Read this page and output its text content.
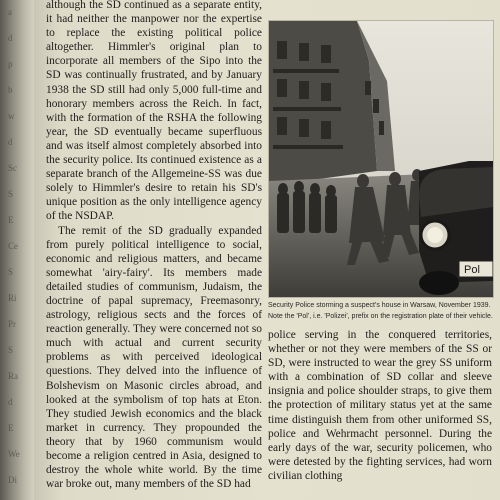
a
d
p
b
w
d
Sc
S
E
Ce
S
Ri
Pr
S
Ra
d
E
We
Di

although the SD continued as a separate entity, it had neither the manpower nor the expertise to replace the existing political police altogether. Himmler's original plan to incorporate all members of the Sipo into the SD was continually frustrated, and by January 1938 the SD still had only 5,000 full-time and honorary members across the Reich. In fact, with the formation of the RSHA the following year, the SD eventually became superfluous and was itself almost completely absorbed into the security police. Its continued existence as a separate branch of the Allgemeine-SS was due solely to Himmler's desire to retain his SD's unique position as the only intelligence agency of the NSDAP.

The remit of the SD gradually expanded from purely political intelligence to social, economic and religious matters, and became somewhat 'airy-fairy'. Its members made detailed studies of communism, Judaism, the doctrine of papal supremacy, Freemasonry, astrology, religious sects and the forces of reaction generally. They were concerned not so much with actual and current security problems as with perceived ideological questions. They delved into the influence of Bolshevism on Masonic circles abroad, and looked at the symbolism of top hats at Eton. They studied Jewish economics and the black market in currency. They propounded the theory that by 1960 communism would become a religion centred in Asia, designed to destroy the whole white world. By the time war broke out, many members of the SD had

Pol
Security Police storming a suspect's house in Warsaw, November 1939.
Note the 'Pol', i.e. 'Polizei', prefix on the registration plate of their vehicle.

police serving in the conquered territories, whether or not they were members of the SS or SD, were instructed to wear the grey SS uniform with a combination of SD collar and sleeve insignia and police shoulder straps, to give them the protection of military status yet at the same time distinguish them from other uniformed SS, police and Wehrmacht personnel. During the early days of the war, security policemen, who were detested by the fighting services, had worn civilian clothing
